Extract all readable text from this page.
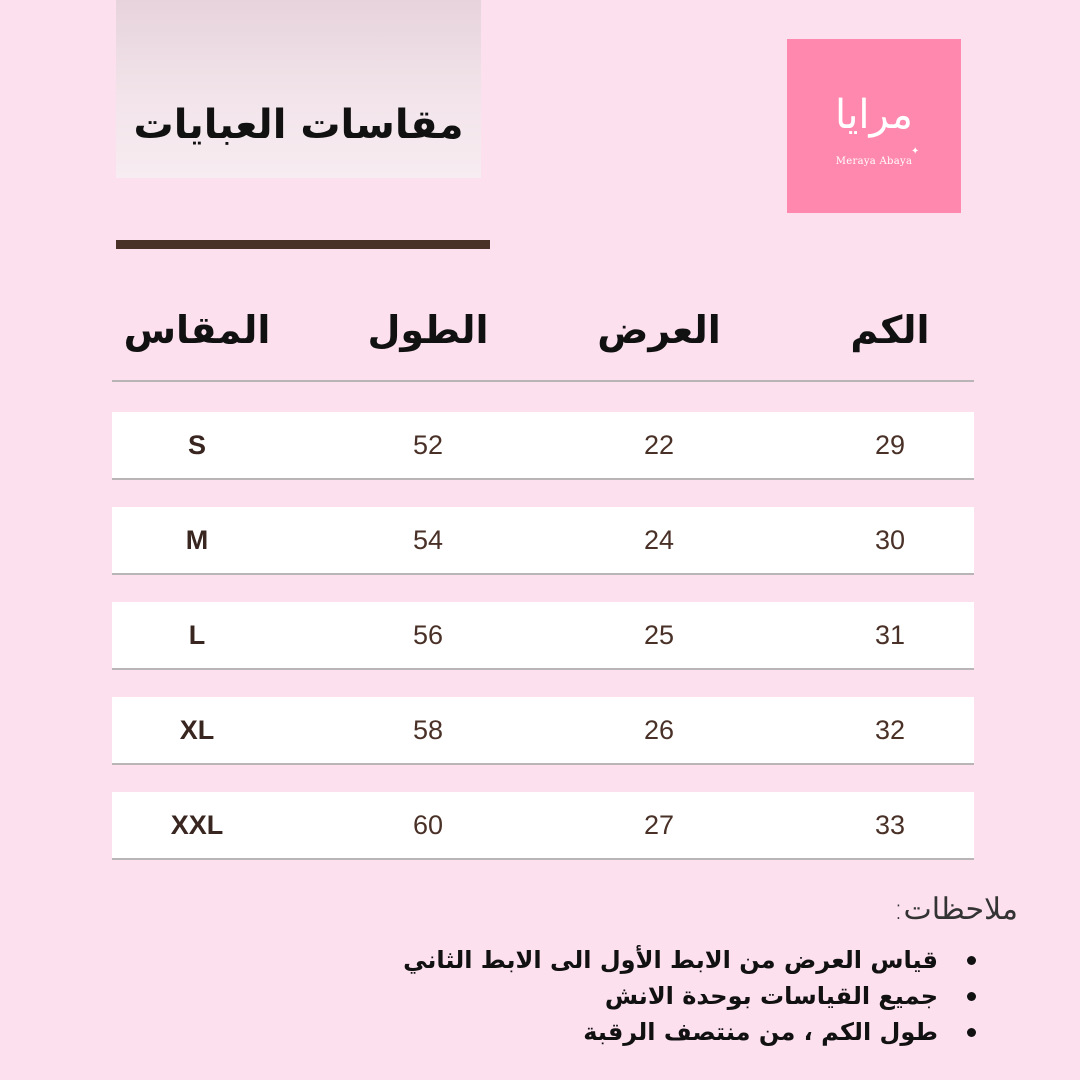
مقاسات العبايات	مرايا
✦
Meraya Abaya
المقاس	الطول	العرض	الكم
S	52	22	29
M	54	24	30
L	56	25	31
XL	58	26	32
XXL	60	27	33
ملاحظات:
قياس العرض من الابط الأول الى الابط الثاني
جميع القياسات بوحدة الانش
طول الكم ، من منتصف الرقبة
